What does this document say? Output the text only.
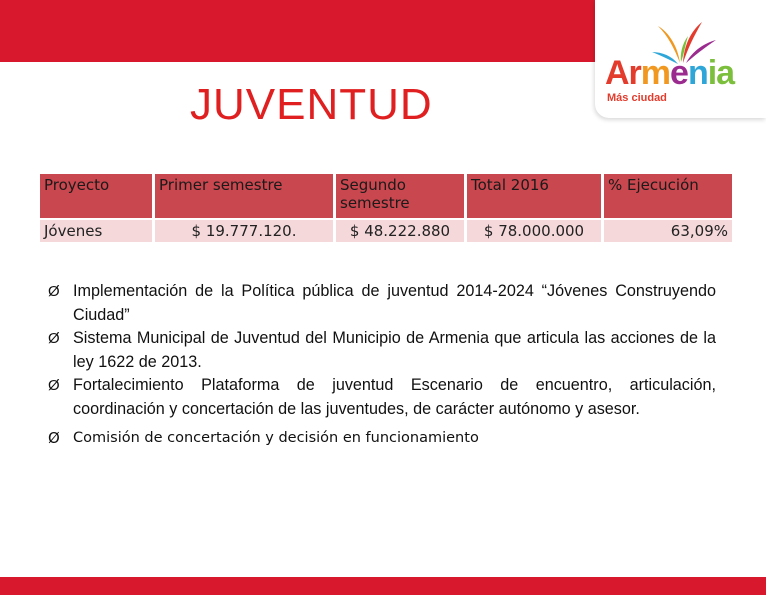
Armenia
Más ciudad
JUVENTUD
Proyecto	Primer semestre	Segundo semestre	Total 2016	% Ejecución
Jóvenes	$ 19.777.120.	$ 48.222.880	$ 78.000.000	63,09%
Ø Implementación de la Política pública de juventud 2014-2024 “Jóvenes Construyendo Ciudad”
Ø Sistema Municipal de Juventud del Municipio de Armenia que articula las acciones de la ley 1622 de 2013.
Ø Fortalecimiento Plataforma de juventud Escenario de encuentro, articulación, coordinación y concertación de las juventudes, de carácter autónomo y asesor.
Ø Comisión de concertación y decisión en funcionamiento
